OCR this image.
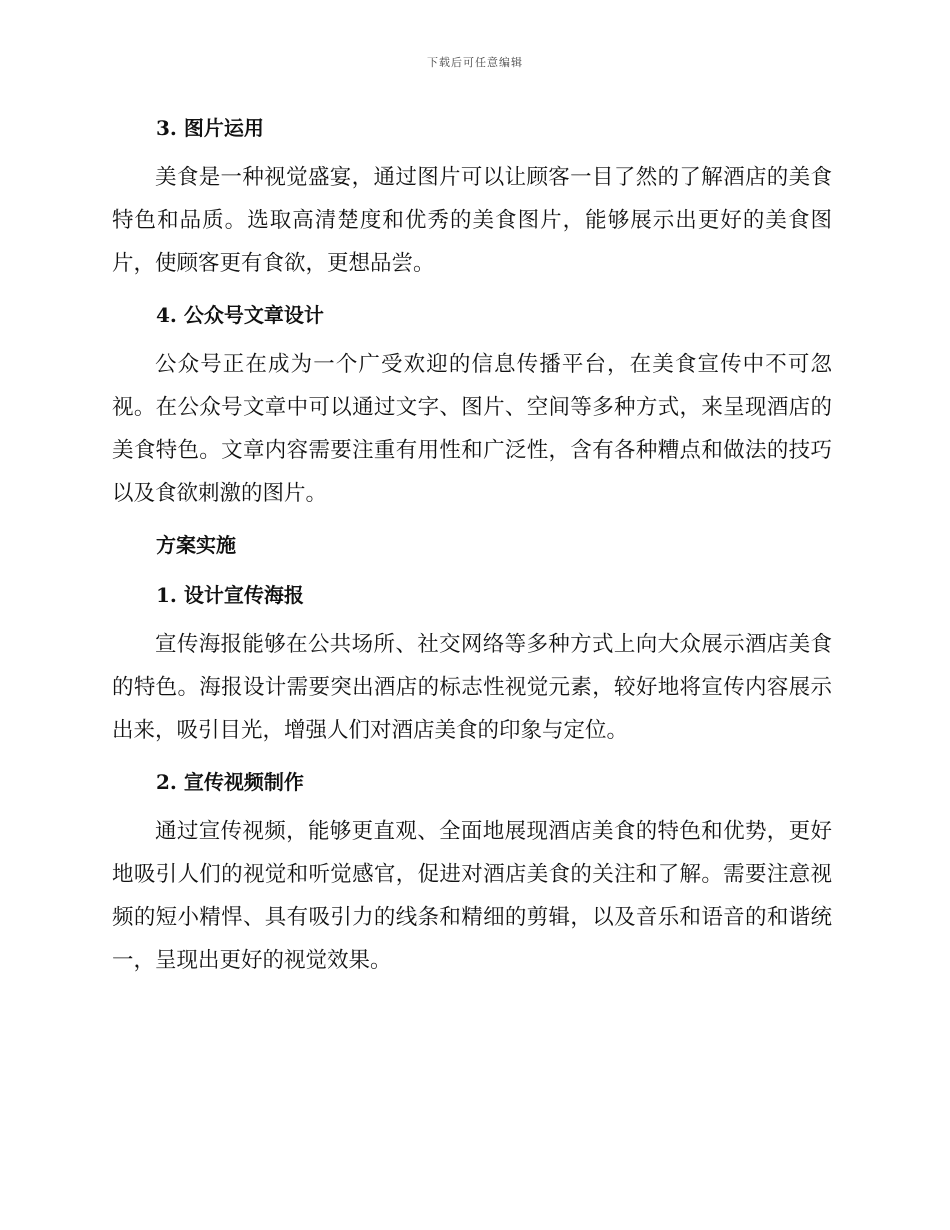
下载后可任意编辑
3. 图片运用

美食是一种视觉盛宴，通过图片可以让顾客一目了然的了解酒店的美食特色和品质。选取高清楚度和优秀的美食图片，能够展示出更好的美食图片，使顾客更有食欲，更想品尝。

4. 公众号文章设计

公众号正在成为一个广受欢迎的信息传播平台，在美食宣传中不可忽视。在公众号文章中可以通过文字、图片、空间等多种方式，来呈现酒店的美食特色。文章内容需要注重有用性和广泛性，含有各种糟点和做法的技巧以及食欲刺激的图片。

方案实施
1. 设计宣传海报

宣传海报能够在公共场所、社交网络等多种方式上向大众展示酒店美食的特色。海报设计需要突出酒店的标志性视觉元素，较好地将宣传内容展示出来，吸引目光，增强人们对酒店美食的印象与定位。

2. 宣传视频制作

通过宣传视频，能够更直观、全面地展现酒店美食的特色和优势，更好地吸引人们的视觉和听觉感官，促进对酒店美食的关注和了解。需要注意视频的短小精悍、具有吸引力的线条和精细的剪辑，以及音乐和语音的和谐统一，呈现出更好的视觉效果。
